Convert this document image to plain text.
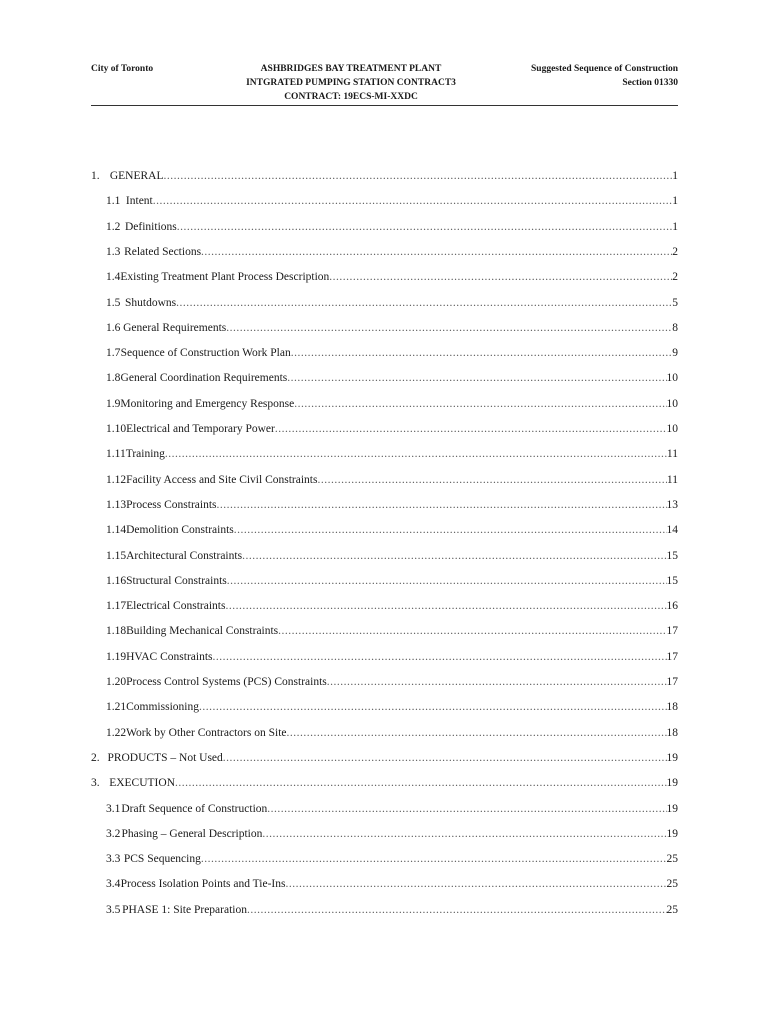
City of Toronto	ASHBRIDGES BAY TREATMENT PLANT
INTGRATED PUMPING STATION CONTRACT3
CONTRACT: 19ECS-MI-XXDC
Suggested Sequence of Construction
Section 01330
1. GENERAL .....	1
1.1 Intent .....	1
1.2 Definitions .....	1
1.3 Related Sections .....	2
1.4 Existing Treatment Plant Process Description .....	2
1.5 Shutdowns .....	5
1.6 General Requirements .....	8
1.7 Sequence of Construction Work Plan .....	9
1.8 General Coordination Requirements .....	10
1.9 Monitoring and Emergency Response .....	10
1.10 Electrical and Temporary Power .....	10
1.11 Training .....	11
1.12 Facility Access and Site Civil Constraints .....	11
1.13 Process Constraints .....	13
1.14 Demolition Constraints .....	14
1.15 Architectural Constraints .....	15
1.16 Structural Constraints .....	15
1.17 Electrical Constraints .....	16
1.18 Building Mechanical Constraints .....	17
1.19 HVAC Constraints .....	17
1.20 Process Control Systems (PCS) Constraints .....	17
1.21 Commissioning .....	18
1.22 Work by Other Contractors on Site .....	18
2. PRODUCTS – Not Used .....	19
3. EXECUTION .....	19
3.1 Draft Sequence of Construction .....	19
3.2 Phasing – General Description .....	19
3.3 PCS Sequencing .....	25
3.4 Process Isolation Points and Tie-Ins .....	25
3.5 PHASE 1: Site Preparation .....	25
